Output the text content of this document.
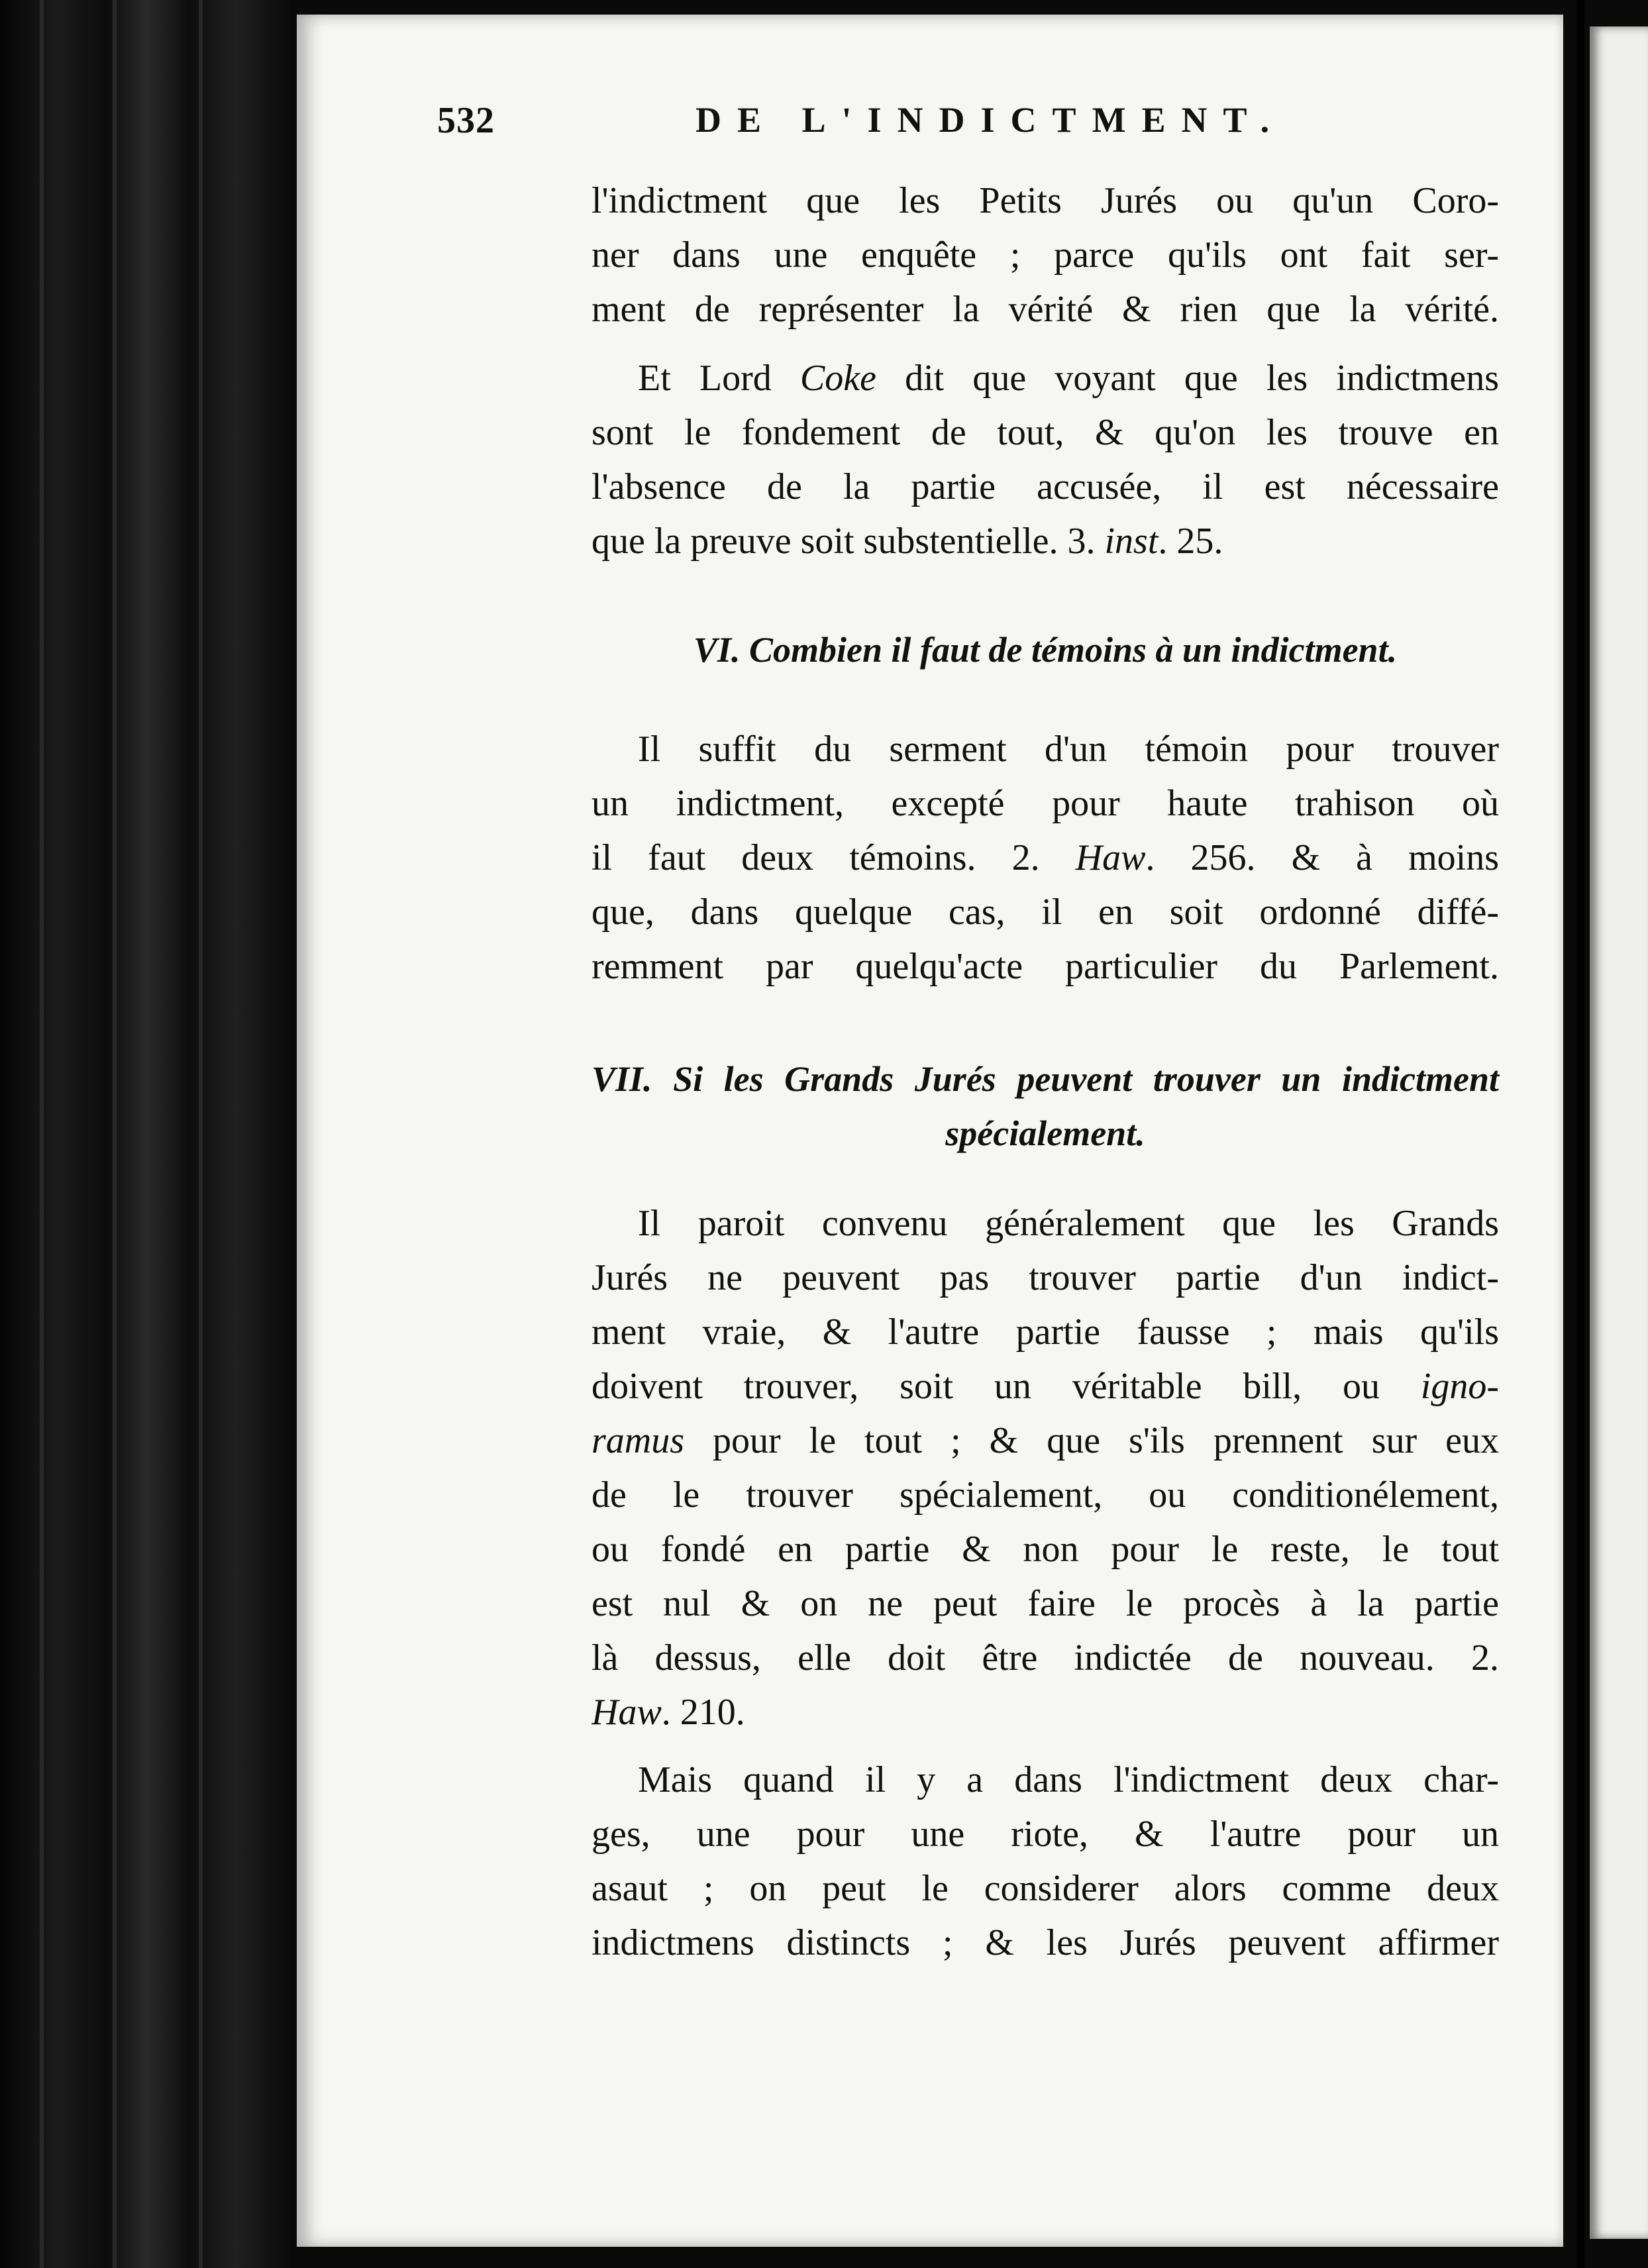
532	DE L'INDICTMENT.
l'indictment que les Petits Jurés ou qu'un Coro-
ner dans une enquête ; parce qu'ils ont fait ser-
ment de représenter la vérité & rien que la vérité.
Et Lord Coke dit que voyant que les indictmens
sont le fondement de tout, & qu'on les trouve en
l'absence de la partie accusée, il est nécessaire
que la preuve soit substentielle. 3. inst. 25.
VI. Combien il faut de témoins à un indictment.
Il suffit du serment d'un témoin pour trouver
un indictment, excepté pour haute trahison où
il faut deux témoins. 2. Haw. 256. & à moins
que, dans quelque cas, il en soit ordonné diffé-
remment par quelqu'acte particulier du Parlement.
VII. Si les Grands Jurés peuvent trouver un indictment
spécialement.
Il paroit convenu généralement que les Grands
Jurés ne peuvent pas trouver partie d'un indict-
ment vraie, & l'autre partie fausse ; mais qu'ils
doivent trouver, soit un véritable bill, ou igno-
ramus pour le tout ; & que s'ils prennent sur eux
de le trouver spécialement, ou conditionélement,
ou fondé en partie & non pour le reste, le tout
est nul & on ne peut faire le procès à la partie
là dessus, elle doit être indictée de nouveau. 2.
Haw. 210.
Mais quand il y a dans l'indictment deux char-
ges, une pour une riote, & l'autre pour un
asaut ; on peut le considerer alors comme deux
indictmens distincts ; & les Jurés peuvent affirmer
